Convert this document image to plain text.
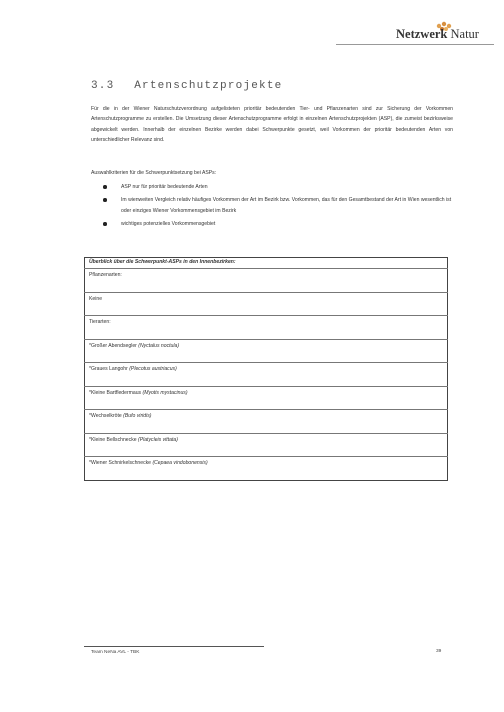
Netzwerk Natur
3.3 Artenschutzprojekte
Für die in der Wiener Naturschutzverordnung aufgelisteten prioritär bedeutenden Tier- und Pflanzenarten sind zur Sicherung der Vorkommen Artenschutzprogramme zu erstellen. Die Umsetzung dieser Artenschutzprogramme erfolgt in einzelnen Artenschutzprojekten (ASP), die zumeist bezirksweise abgewickelt werden. Innerhalb der einzelnen Bezirke werden dabei Schwerpunkte gesetzt, weil Vorkommen der prioritär bedeutenden Arten von unterschiedlicher Relevanz sind.
Auswahlkriterien für die Schwerpunktsetzung bei ASPs:
ASP nur für prioritär bedeutende Arten
Im wienweiten Vergleich relativ häufiges Vorkommen der Art im Bezirk bzw. Vorkommen, das für den Gesamtbestand der Art in Wien wesentlich ist oder einziges Wiener Vorkommensgebiet im Bezirk
wichtiges potenzielles Vorkommensgebiet
Überblick über die Schwerpunkt-ASPs in den Innenbezirken:
Pflanzenarten:
Keine
Tierarten:
*Großer Abendsegler (Nyctalus noctula)
*Graues Langohr (Plecotus austriacus)
*Kleine Bartfledermaus (Myotis mystacinus)
*Wechselkröte (Bufo viridis)
*Kleine Bellschnecke (Platycleis vittata)
*Wiener Schnirkelschnecke (Cepaea vindobonensis)
Team NeNa AVL - TBK	39
